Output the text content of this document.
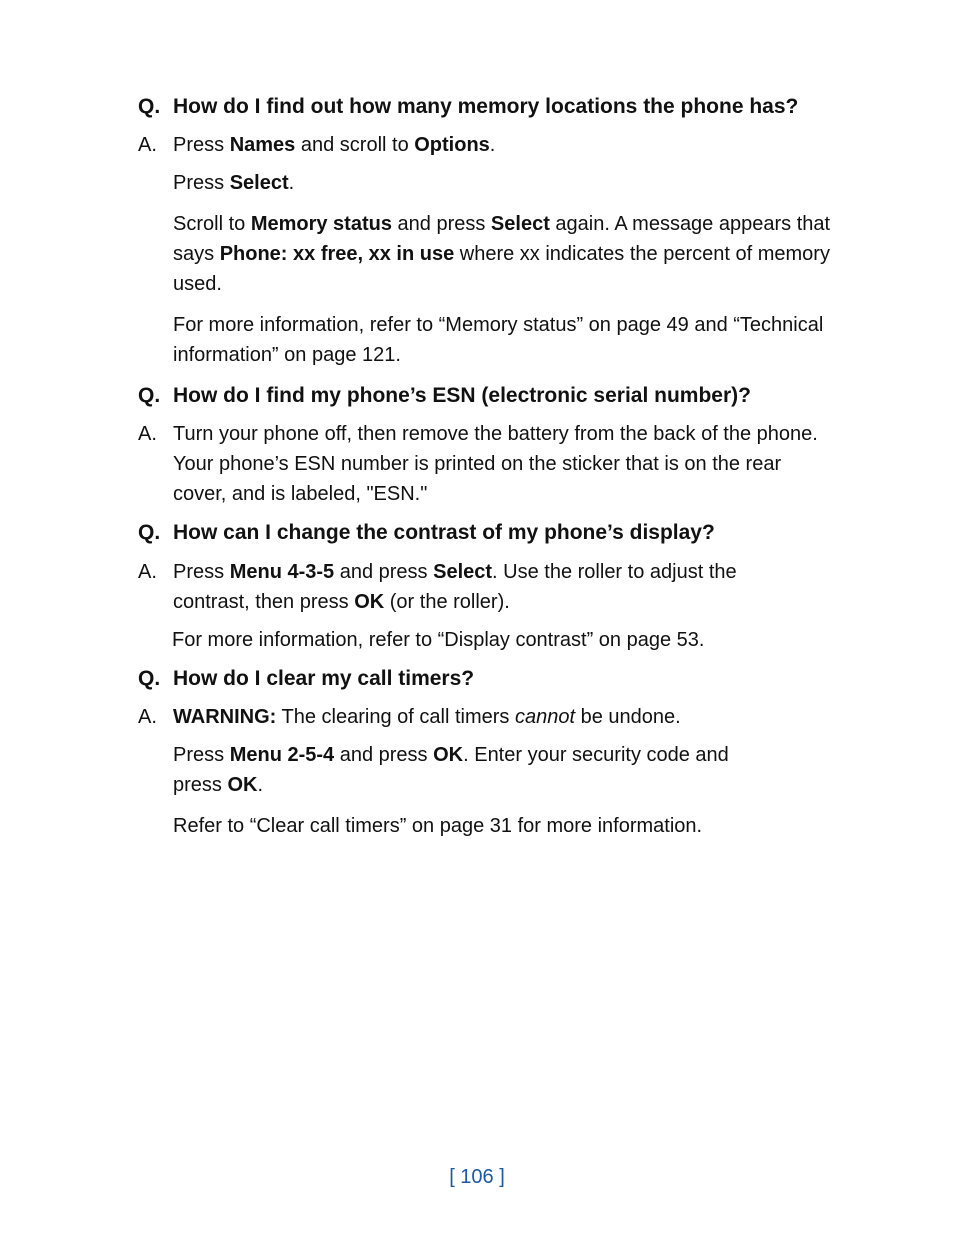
Q. How do I find out how many memory locations the phone has?
A. Press Names and scroll to Options.
Press Select.
Scroll to Memory status and press Select again. A message appears that says Phone: xx free, xx in use where xx indicates the percent of memory used.
For more information, refer to “Memory status” on page 49 and “Technical information” on page 121.
Q. How do I find my phone’s ESN (electronic serial number)?
A. Turn your phone off, then remove the battery from the back of the phone. Your phone’s ESN number is printed on the sticker that is on the rear cover, and is labeled, "ESN."
Q. How can I change the contrast of my phone’s display?
A. Press Menu 4-3-5 and press Select. Use the roller to adjust the contrast, then press OK (or the roller).
For more information, refer to “Display contrast” on page 53.
Q. How do I clear my call timers?
A. WARNING: The clearing of call timers cannot be undone.
Press Menu 2-5-4 and press OK. Enter your security code and press OK.
Refer to “Clear call timers” on page 31 for more information.
[ 106 ]
